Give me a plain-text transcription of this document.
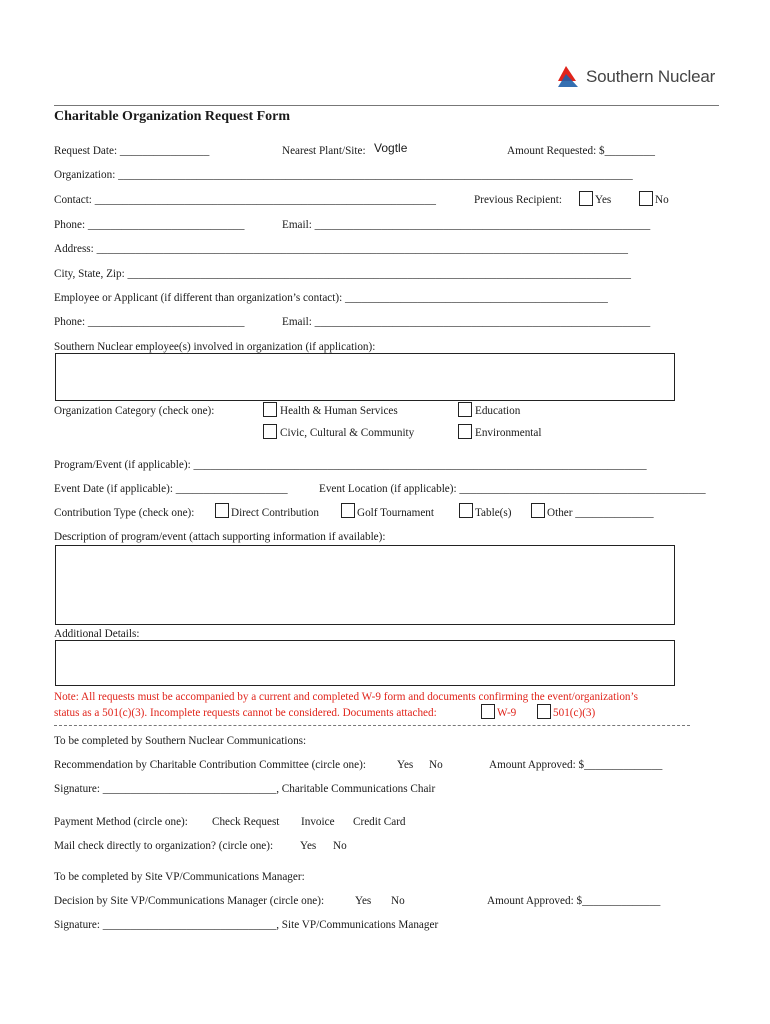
Southern Nuclear
Charitable Organization Request Form
Request Date: ________________	Nearest Plant/Site: Vogtle	Amount Requested: $_________
Organization: ____________________________________________________________________________________________
Contact: _____________________________________________________________	Previous Recipient:	Yes	No
Phone: ____________________________	Email: ____________________________________________________________
Address: _______________________________________________________________________________________________
City, State, Zip: __________________________________________________________________________________________
Employee or Applicant (if different than organization’s contact): _______________________________________________
Phone: ____________________________	Email: ____________________________________________________________
Southern Nuclear employee(s) involved in organization (if application):
Organization Category (check one):	Health & Human Services	Education
Civic, Cultural & Community	Environmental
Program/Event (if applicable): _________________________________________________________________________________
Event Date (if applicable): ____________________	Event Location (if applicable): ____________________________________________
Contribution Type (check one):	Direct Contribution	Golf Tournament	Table(s)	Other ______________
Description of program/event (attach supporting information if available):
Additional Details:
Note: All requests must be accompanied by a current and completed W-9 form and documents confirming the event/organization’s
status as a 501(c)(3). Incomplete requests cannot be considered. Documents attached:	W-9	501(c)(3)
To be completed by Southern Nuclear Communications:
Recommendation by Charitable Contribution Committee (circle one):	Yes No	Amount Approved: $______________
Signature: _______________________________, Charitable Communications Chair
Payment Method (circle one): Check Request Invoice Credit Card
Mail check directly to organization? (circle one): Yes No
To be completed by Site VP/Communications Manager:
Decision by Site VP/Communications Manager (circle one):	Yes No	Amount Approved: $______________
Signature: _______________________________, Site VP/Communications Manager
